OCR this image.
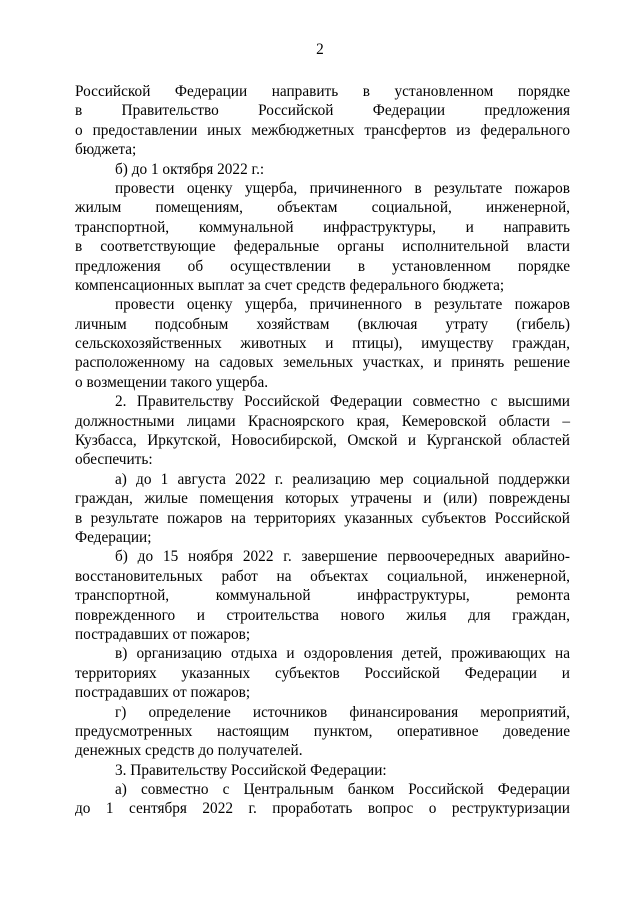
2
Российской Федерации направить в установленном порядке
в Правительство Российской Федерации предложения
о предоставлении иных межбюджетных трансфертов из федерального
бюджета;
б) до 1 октября 2022 г.:
провести оценку ущерба, причиненного в результате пожаров
жилым помещениям, объектам социальной, инженерной,
транспортной, коммунальной инфраструктуры, и направить
в соответствующие федеральные органы исполнительной власти
предложения об осуществлении в установленном порядке
компенсационных выплат за счет средств федерального бюджета;
провести оценку ущерба, причиненного в результате пожаров
личным подсобным хозяйствам (включая утрату (гибель)
сельскохозяйственных животных и птицы), имуществу граждан,
расположенному на садовых земельных участках, и принять решение
о возмещении такого ущерба.
2. Правительству Российской Федерации совместно с высшими
должностными лицами Красноярского края, Кемеровской области –
Кузбасса, Иркутской, Новосибирской, Омской и Курганской областей
обеспечить:
а) до 1 августа 2022 г. реализацию мер социальной поддержки
граждан, жилые помещения которых утрачены и (или) повреждены
в результате пожаров на территориях указанных субъектов Российской
Федерации;
б) до 15 ноября 2022 г. завершение первоочередных аварийно-
восстановительных работ на объектах социальной, инженерной,
транспортной, коммунальной инфраструктуры, ремонта
поврежденного и строительства нового жилья для граждан,
пострадавших от пожаров;
в) организацию отдыха и оздоровления детей, проживающих на
территориях указанных субъектов Российской Федерации и
пострадавших от пожаров;
г) определение источников финансирования мероприятий,
предусмотренных настоящим пунктом, оперативное доведение
денежных средств до получателей.
3. Правительству Российской Федерации:
а) совместно с Центральным банком Российской Федерации
до 1 сентября 2022 г. проработать вопрос о реструктуризации
